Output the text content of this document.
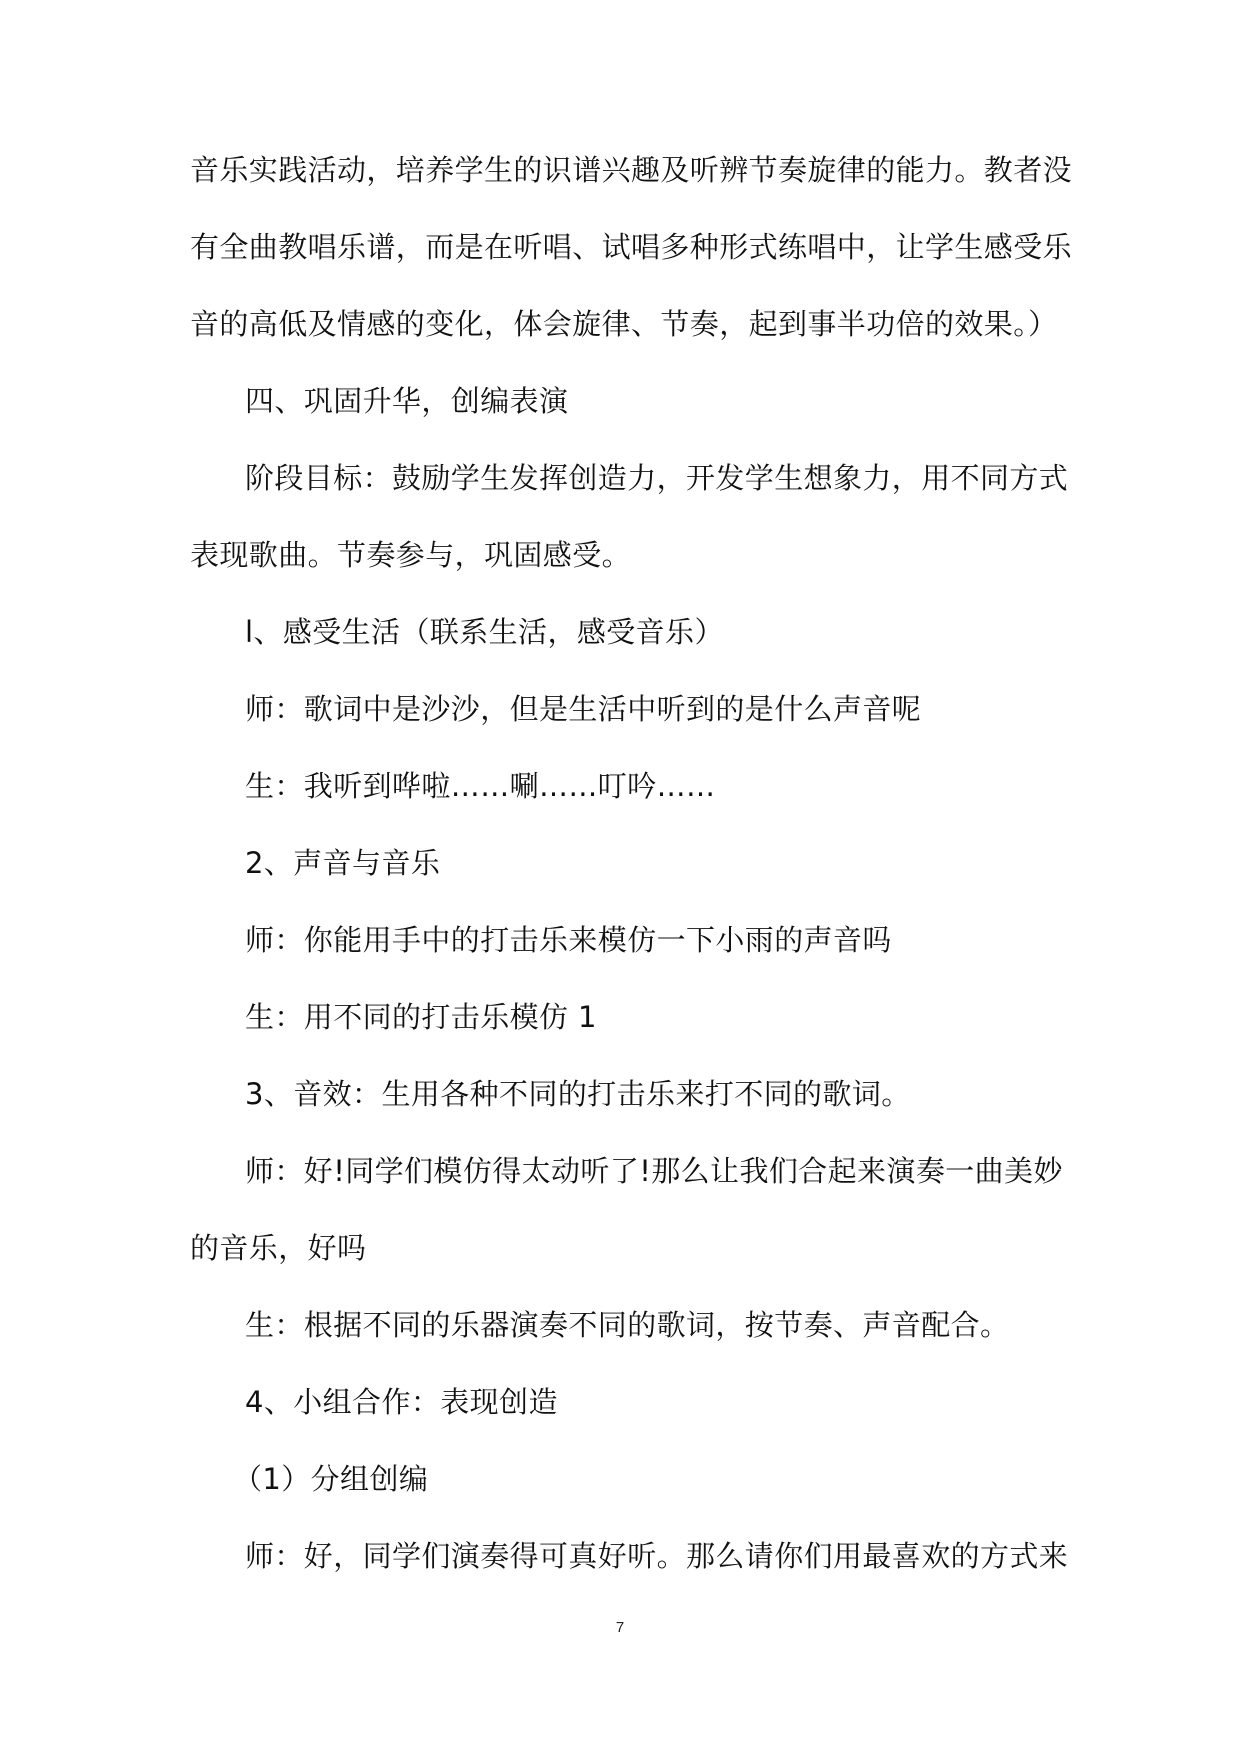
音乐实践活动，培养学生的识谱兴趣及听辨节奏旋律的能力。教者没
有全曲教唱乐谱，而是在听唱、试唱多种形式练唱中，让学生感受乐
音的高低及情感的变化，体会旋律、节奏，起到事半功倍的效果。）
四、巩固升华，创编表演
阶段目标：鼓励学生发挥创造力，开发学生想象力，用不同方式
表现歌曲。节奏参与，巩固感受。
l、感受生活（联系生活，感受音乐）
师：歌词中是沙沙，但是生活中听到的是什么声音呢
生：我听到哗啦……唰……叮吟……
2、声音与音乐
师：你能用手中的打击乐来模仿一下小雨的声音吗
生：用不同的打击乐模仿 1
3、音效：生用各种不同的打击乐来打不同的歌词。
师：好!同学们模仿得太动听了!那么让我们合起来演奏一曲美妙
的音乐，好吗
生：根据不同的乐器演奏不同的歌词，按节奏、声音配合。
4、小组合作：表现创造
（1）分组创编
师：好，同学们演奏得可真好听。那么请你们用最喜欢的方式来
7
